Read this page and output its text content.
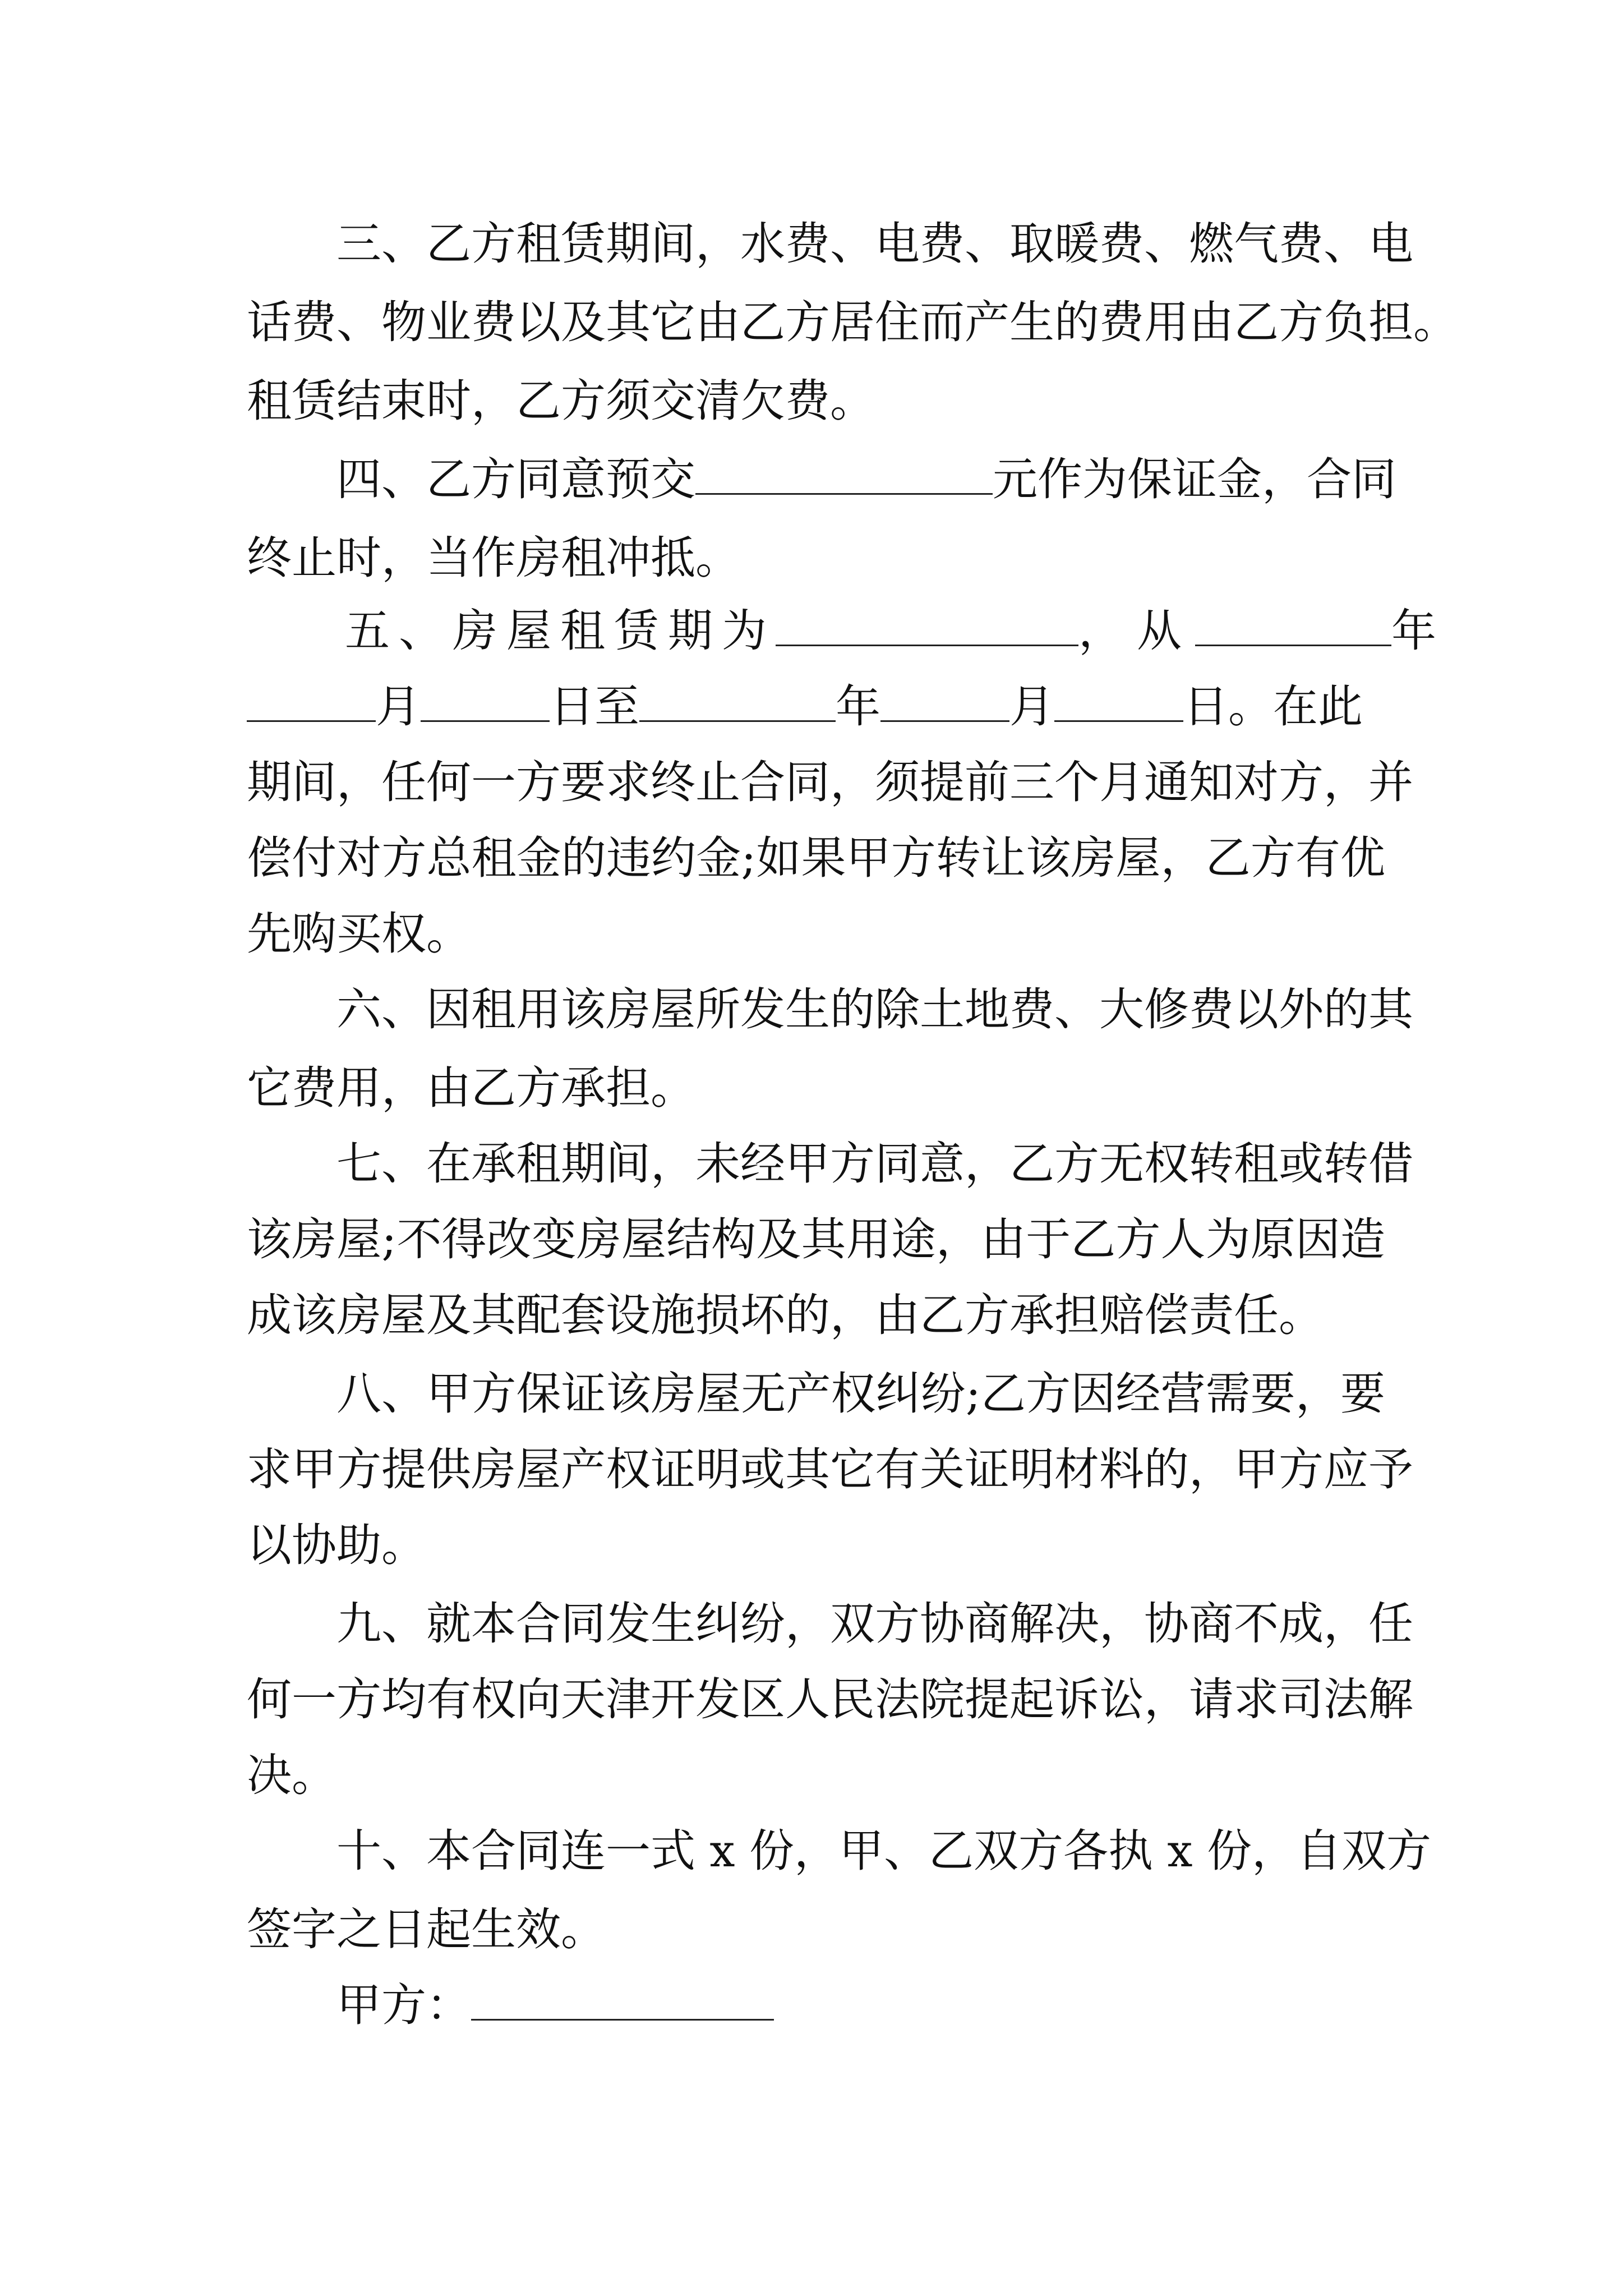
三、乙方租赁期间，水费、电费、取暖费、燃气费、电
话费、物业费以及其它由乙方居住而产生的费用由乙方负担。
租赁结束时，乙方须交清欠费。
四、乙方同意预交	元作为保证金，合同
终止时，当作房租冲抵。
五、房屋租赁期为	，从	年
月	日至	年	月	日。在此
期间，任何一方要求终止合同，须提前三个月通知对方，并
偿付对方总租金的违约金;如果甲方转让该房屋，乙方有优
先购买权。
六、因租用该房屋所发生的除土地费、大修费以外的其
它费用，由乙方承担。
七、在承租期间，未经甲方同意，乙方无权转租或转借
该房屋;不得改变房屋结构及其用途，由于乙方人为原因造
成该房屋及其配套设施损坏的，由乙方承担赔偿责任。
八、甲方保证该房屋无产权纠纷;乙方因经营需要，要
求甲方提供房屋产权证明或其它有关证明材料的，甲方应予
以协助。
九、就本合同发生纠纷，双方协商解决，协商不成，任
何一方均有权向天津开发区人民法院提起诉讼，请求司法解
决。
十、本合同连一式 x 份，甲、乙双方各执 x 份，自双方
签字之日起生效。
甲方：
